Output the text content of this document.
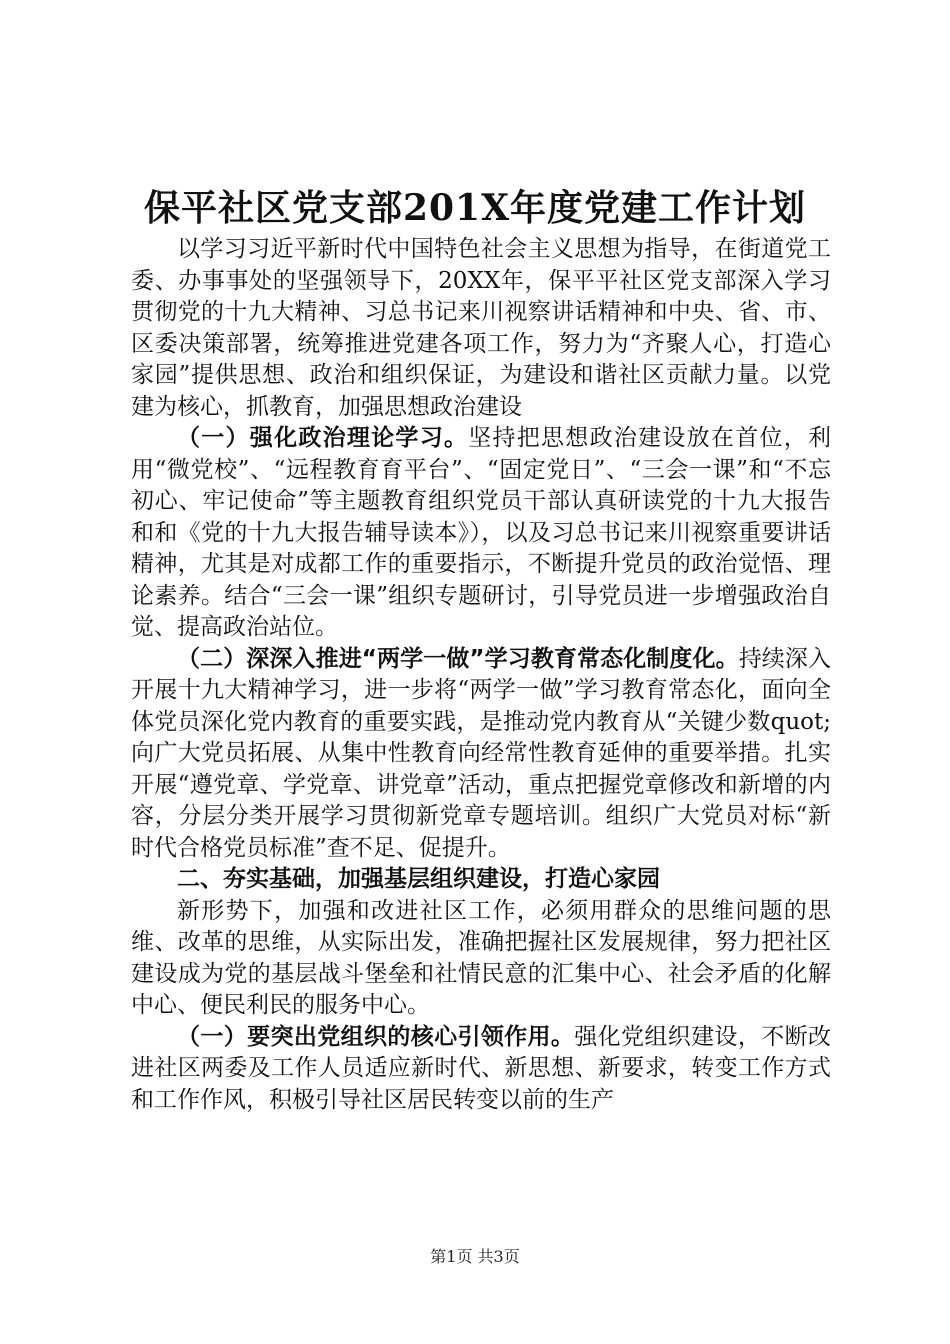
保平社区党支部201X年度党建工作计划

以学习习近平新时代中国特色社会主义思想为指导，在街道党工委、办事事处的坚强领导下，20XX年，保平平社区党支部深入学习贯彻党的十九大精神、习总书记来川视察讲话精神和中央、省、市、区委决策部署，统筹推进党建各项工作，努力为“齐聚人心，打造心家园”提供思想、政治和组织保证，为建设和谐社区贡献力量。以党建为核心，抓教育，加强思想政治建设

（一）强化政治理论学习。坚持把思想政治建设放在首位，利用“微党校”、“远程教育育平台”、“固定党日”、“三会一课”和“不忘初心、牢记使命”等主题教育组织党员干部认真研读党的十九大报告和和《党的十九大报告辅导读本》），以及习总书记来川视察重要讲话精神，尤其是对成都工作的重要指示，不断提升党员的政治觉悟、理论素养。结合“三会一课”组织专题研讨，引导党员进一步增强政治自觉、提高政治站位。

（二）深深入推进“两学一做”学习教育常态化制度化。持续深入开展十九大精神学习，进一步将“两学一做”学习教育常态化，面向全体党员深化党内教育的重要实践，是推动党内教育从“关键少数quot;向广大党员拓展、从集中性教育向经常性教育延伸的重要举措。扎实开展“遵党章、学党章、讲党章”活动，重点把握党章修改和新增的内容，分层分类开展学习贯彻新党章专题培训。组织广大党员对标“新时代合格党员标准”查不足、促提升。

二、夯实基础，加强基层组织建设，打造心家园

新形势下，加强和改进社区工作，必须用群众的思维问题的思维、改革的思维，从实际出发，准确把握社区发展规律，努力把社区建设成为党的基层战斗堡垒和社情民意的汇集中心、社会矛盾的化解中心、便民利民的服务中心。

（一）要突出党组织的核心引领作用。强化党组织建设，不断改进社区两委及工作人员适应新时代、新思想、新要求，转变工作方式和工作作风，积极引导社区居民转变以前的生产

第1页 共3页
